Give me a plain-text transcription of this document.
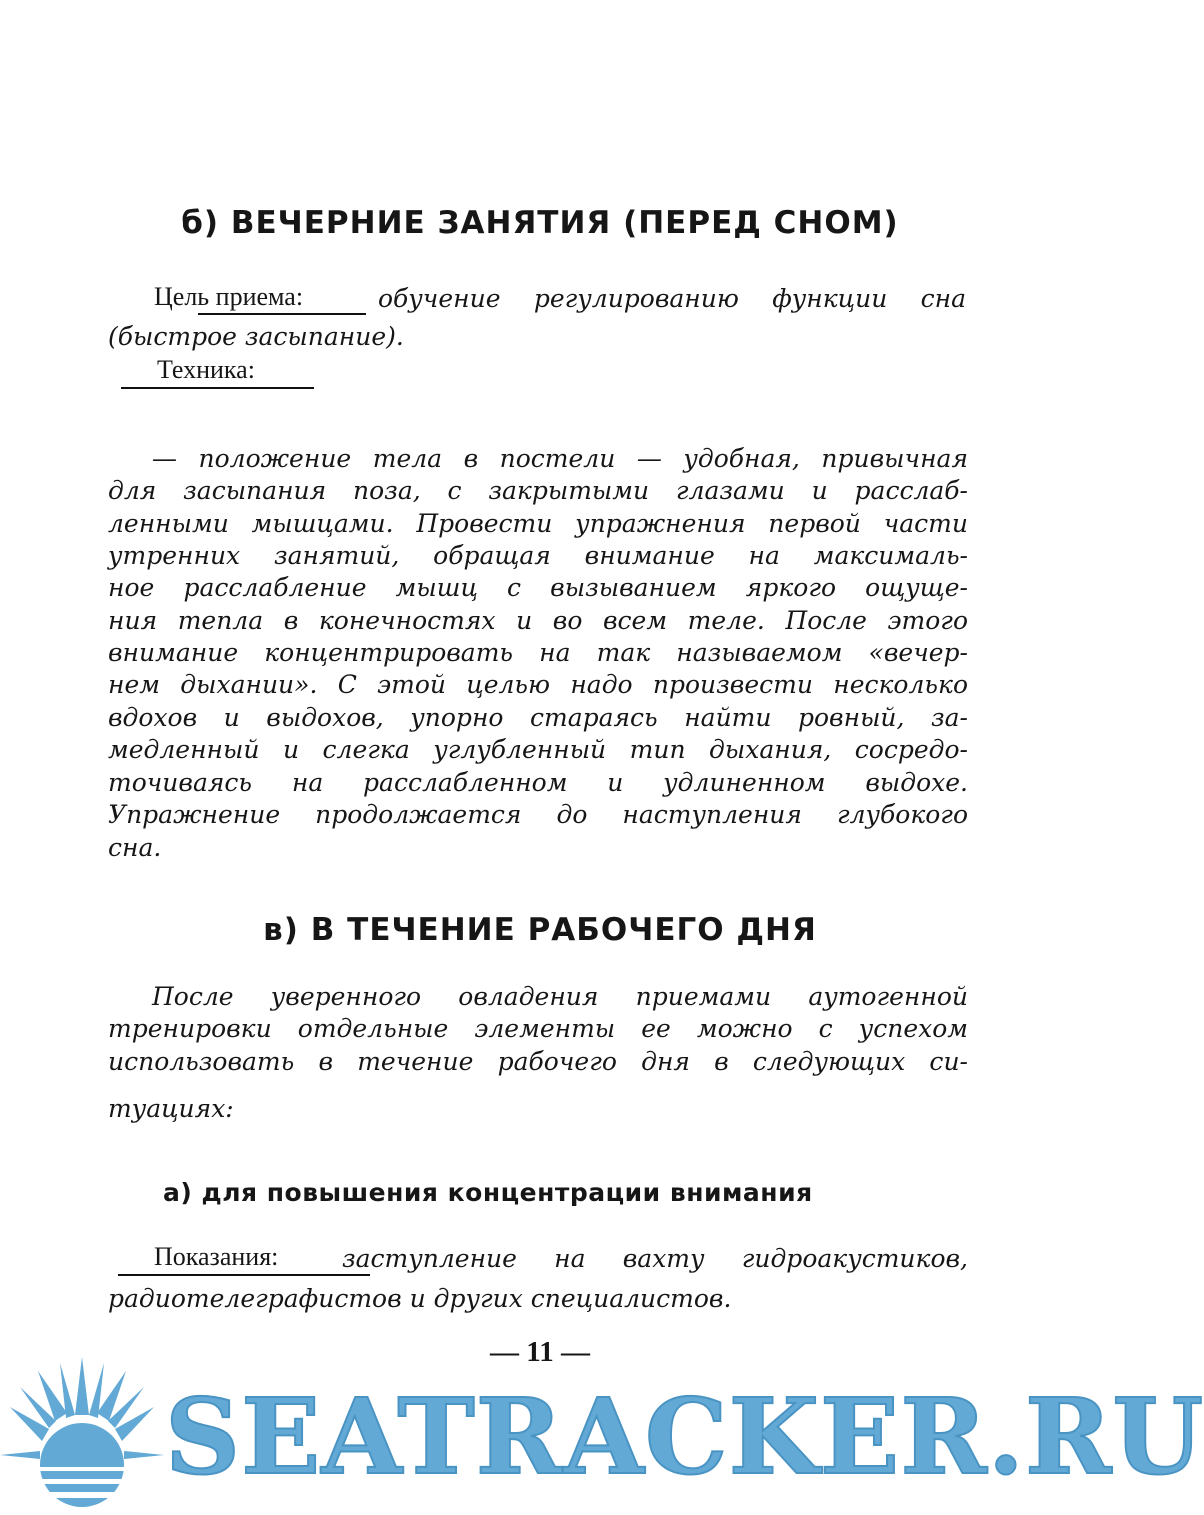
б) ВЕЧЕРНИЕ ЗАНЯТИЯ (ПЕРЕД СНОМ)
Цель приема:	обучение регулированию функции сна
(быстрое засыпание).
Техника:
— положение тела в постели — удобная, привычная
для засыпания поза, с закрытыми глазами и расслаб-
ленными мышцами. Провести упражнения первой части
утренних занятий, обращая внимание на максималь-
ное расслабление мышц с вызыванием яркого ощуще-
ния тепла в конечностях и во всем теле. После этого
внимание концентрировать на так называемом «вечер-
нем дыхании». С этой целью надо произвести несколько
вдохов и выдохов, упорно стараясь найти ровный, за-
медленный и слегка углубленный тип дыхания, сосредо-
точиваясь на расслабленном и удлиненном выдохе.
Упражнение продолжается до наступления глубокого
сна.
в) В ТЕЧЕНИЕ РАБОЧЕГО ДНЯ
После уверенного овладения приемами аутогенной
тренировки отдельные элементы ее можно с успехом
использовать в течение рабочего дня в следующих си-
туациях:
а) для повышения концентрации внимания
Показания:	заступление на вахту гидроакустиков,
радиотелеграфистов и других специалистов.
— 11 —
SEATRACKER.RU
